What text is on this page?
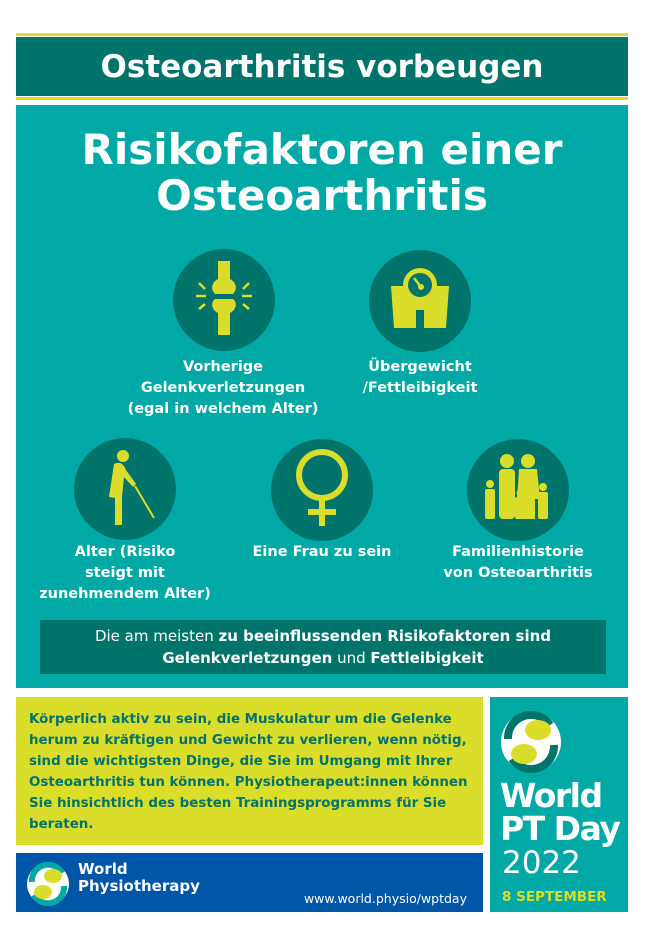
Osteoarthritis vorbeugen
Risikofaktoren einer
Osteoarthritis
Vorherige
Gelenkverletzungen
(egal in welchem Alter)
Übergewicht
/Fettleibigkeit
Alter (Risiko
steigt mit
zunehmendem Alter)
Eine Frau zu sein	Familienhistorie
von Osteoarthritis
Die am meisten zu beeinflussenden Risikofaktoren sind
Gelenkverletzungen und Fettleibigkeit
Körperlich aktiv zu sein, die Muskulatur um die Gelenke herum zu kräftigen und Gewicht zu verlieren, wenn nötig, sind die wichtigsten Dinge, die Sie im Umgang mit Ihrer Osteoarthritis tun können. Physiotherapeut:innen können Sie hinsichtlich des besten Trainingsprogramms für Sie beraten.
World
Physiotherapy
www.world.physio/wptday
World
PT Day
2022
8 SEPTEMBER
